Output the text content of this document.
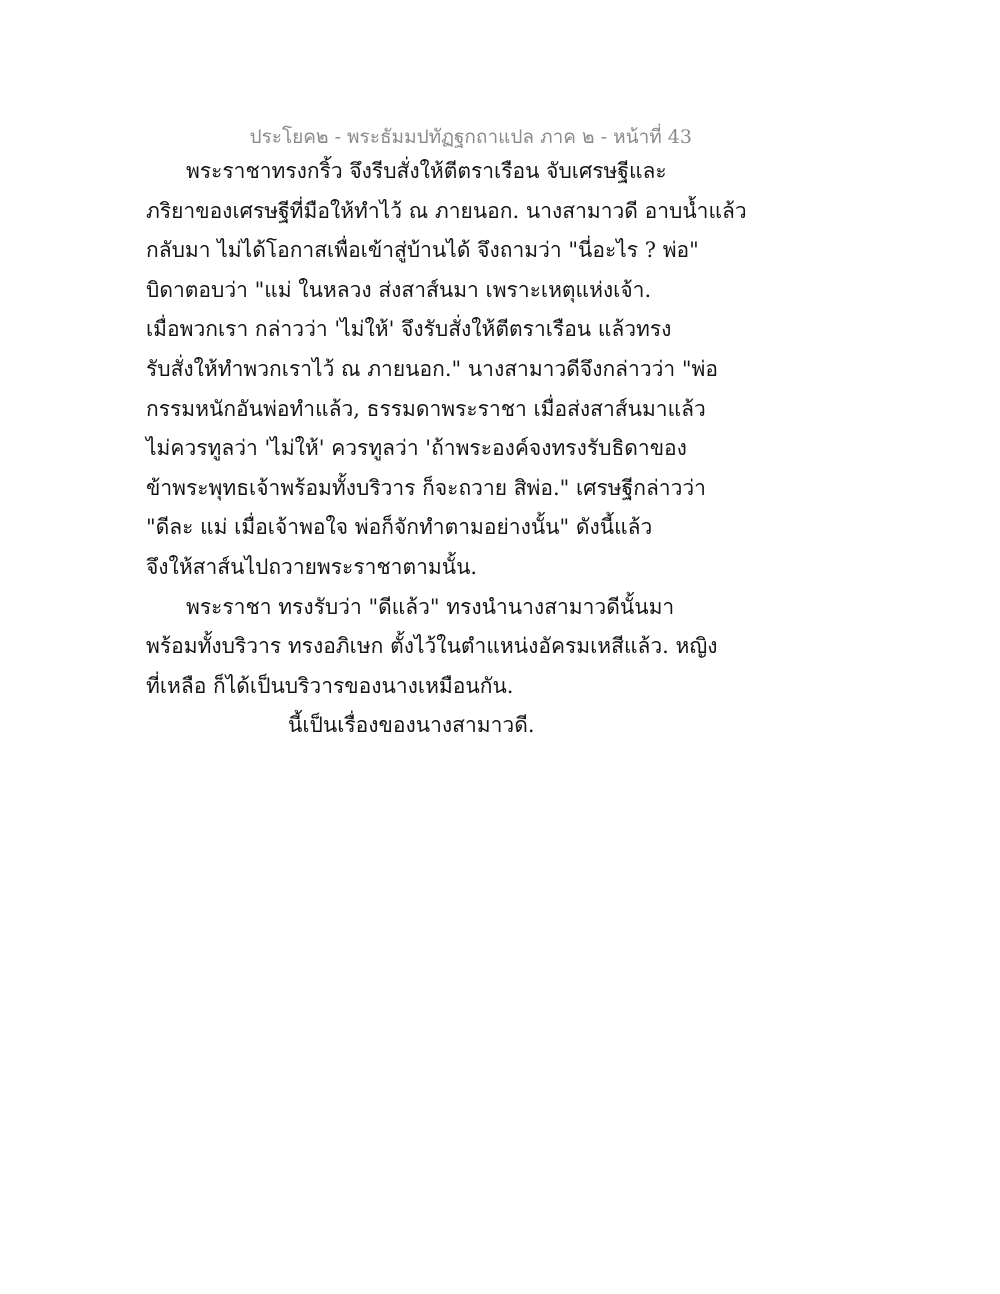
ประโยค๒ - พระธัมมปทัฏฐกถาแปล ภาค ๒ - หน้าที่ 43
พระราชาทรงกริ้ว จึงรีบสั่งให้ตีตราเรือน จับเศรษฐีและ
ภริยาของเศรษฐีที่มือให้ทำไว้ ณ ภายนอก. นางสามาวดี อาบน้ำแล้ว
กลับมา ไม่ได้โอกาสเพื่อเข้าสู่บ้านได้ จึงถามว่า "นี่อะไร ? พ่อ"
บิดาตอบว่า "แม่ ในหลวง ส่งสาส์นมา เพราะเหตุแห่งเจ้า.
เมื่อพวกเรา กล่าวว่า 'ไม่ให้' จึงรับสั่งให้ตีตราเรือน แล้วทรง
รับสั่งให้ทำพวกเราไว้ ณ ภายนอก." นางสามาวดีจึงกล่าวว่า "พ่อ
กรรมหนักอันพ่อทำแล้ว, ธรรมดาพระราชา เมื่อส่งสาส์นมาแล้ว
ไม่ควรทูลว่า 'ไม่ให้' ควรทูลว่า 'ถ้าพระองค์จงทรงรับธิดาของ
ข้าพระพุทธเจ้าพร้อมทั้งบริวาร ก็จะถวาย สิพ่อ." เศรษฐีกล่าวว่า
"ดีละ แม่ เมื่อเจ้าพอใจ พ่อก็จักทำตามอย่างนั้น" ดังนี้แล้ว
จึงให้สาส์นไปถวายพระราชาตามนั้น.
พระราชา ทรงรับว่า "ดีแล้ว" ทรงนำนางสามาวดีนั้นมา
พร้อมทั้งบริวาร ทรงอภิเษก ตั้งไว้ในตำแหน่งอัครมเหสีแล้ว. หญิง
ที่เหลือ ก็ได้เป็นบริวารของนางเหมือนกัน.
นี้เป็นเรื่องของนางสามาวดี.
